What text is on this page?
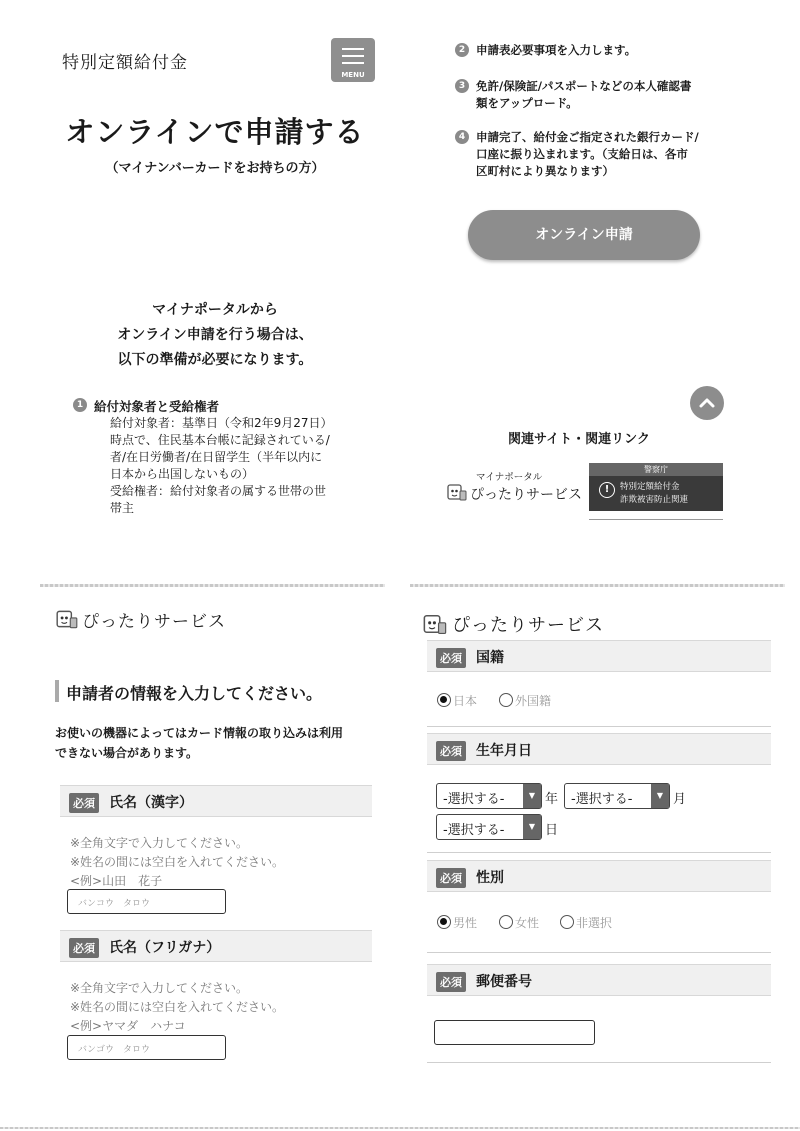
特別定額給付金
MENU
オンラインで申請する
（マイナンバーカードをお持ちの方）
マイナポータルから
オンライン申請を行う場合は、
以下の準備が必要になります。
1 給付対象者と受給権者
給付対象者：基準日（令和2年9月27日）
時点で、住民基本台帳に記録されている/
者/在日労働者/在日留学生（半年以内に
日本から出国しないもの）
受給権者：給付対象者の属する世帯の世
帯主
2 申請表必要事項を入力します。
3 免許/保険証/パスポートなどの本人確認書
類をアップロード。
4 申請完了、給付金ご指定された銀行カード/
口座に振り込まれます。（支給日は、各市
区町村により異なります）
オンライン申請
関連サイト・関連リンク
マイナポータル
ぴったりサービス
警察庁
!	特別定額給付金
詐欺被害防止関連
ぴったりサービス
申請者の情報を入力してください。
お使いの機器によってはカード情報の取り込みは利用
できない場合があります。
必須 氏名（漢字）
※全角文字で入力してください。
※姓名の間には空白を入れてください。
<例>山田　花子
バンコウ　タロウ
必須 氏名（フリガナ）
※全角文字で入力してください。
※姓名の間には空白を入れてください。
<例>ヤマダ　ハナコ
バンゴウ　タロウ
ぴったりサービス
必須 国籍
日本	外国籍
必須 生年月日
-選択する-	▼ 年 -選択する-	▼ 月
-選択する-	▼ 日
必須 性別
男性	女性	非選択
必須 郵便番号
